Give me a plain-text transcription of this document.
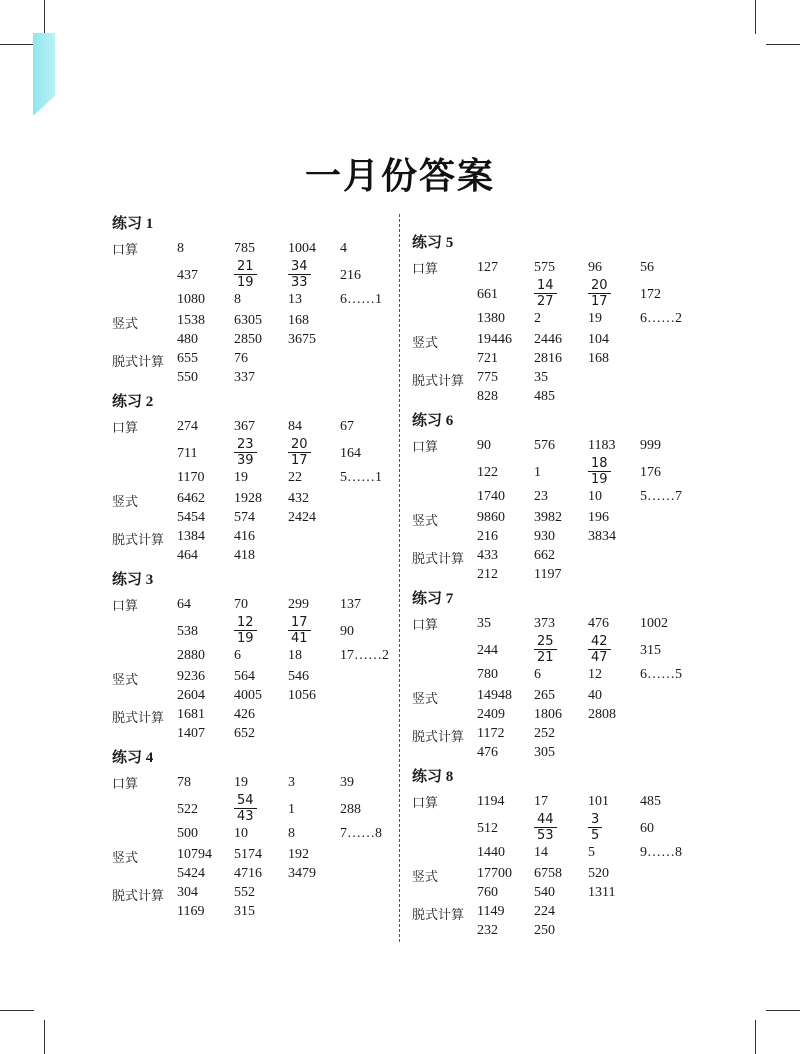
一月份答案
练习 1
口算	8	785 1004 4
437	$\frac{21}{19} \frac{34}{33} 216$
1080 8	13	6……1
竖式	1538 6305 168
480	2850 3675
脱式计算 655	76
550	337
练习 2
口算	274	367 84	67
711	$\frac{23}{39} \frac{20}{17} 164$
1170 19	22	5……1
竖式	6462 1928 432
5454 574 2424
脱式计算 1384 416
464	418
练习 3
口算	64	70	299 137
538	$\frac{12}{19} \frac{17}{41} 90$
2880 6	18	17……2
竖式	9236 564 546
2604 4005 1056
脱式计算 1681 426
1407 652
练习 4
口算	78	19	3	39
522	$\frac{54}{43} 1$	288
500	10	8	7……8
竖式	10794 5174 192
5424 4716 3479
脱式计算 304	552
1169 315
练习 5
口算	127	575 96	56
661	$\frac{14}{27} \frac{20}{17} 172$
1380 2	19	6……2
竖式	19446 2446 104
721	2816 168
脱式计算 775	35
828	485
练习 6
口算	90	576 1183 999
122	1	$\frac{18}{19} 176$
1740 23	10	5……7
竖式	9860 3982 196
216	930 3834
脱式计算 433	662
212	1197
练习 7
口算	35	373 476 1002
244	$\frac{25}{21} \frac{42}{47} 315$
780	6	12	6……5
竖式	14948 265 40
2409 1806 2808
脱式计算 1172 252
476	305
练习 8
口算	1194 17	101 485
512	$\frac{44}{53} \frac{3}{5}$	60
1440 14	5	9……8
竖式	17700 6758 520
760	540 1311
脱式计算 1149 224
232	250
